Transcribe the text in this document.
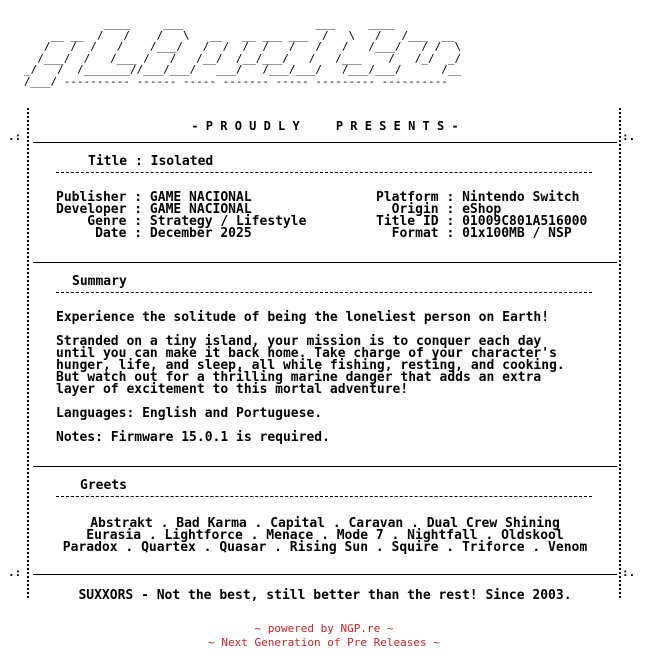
____     ___                    ___     ____
__ __  /   /    /   \   __   __ ___ ___  /   \   /   /___  __
/   /  /   /    /___/   /  /  /  /   /   /   /   /___/   / /  \
/___/  /   /___ /   /   /__/  /__/___/   /   /___    /   /_/  _/
_/   /  /_______//___/___/   ___/   /___/___/   /___/___/      /__
/___/ ---------- ------ ----- ------- ----- --------- ----------

.:	:.
.:	:.
- P R O U D L Y     P R E S E N T S -
Title : Isolated
Publisher : GAME NACIONAL
Developer : GAME NACIONAL
Genre : Strategy / Lifestyle
Date : December 2025
Platform : Nintendo Switch
Origin : eShop
Title ID : 01009C801A516000
Format : 01x100MB / NSP
Summary
Experience the solitude of being the loneliest person on Earth!
Stranded on a tiny island, your mission is to conquer each day
until you can make it back home. Take charge of your character's
hunger, life, and sleep, all while fishing, resting, and cooking.
But watch out for a thrilling marine danger that adds an extra
layer of excitement to this mortal adventure!
Languages: English and Portuguese.
Notes: Firmware 15.0.1 is required.
Greets
Abstrakt . Bad Karma . Capital . Caravan . Dual Crew Shining
Eurasia . Lightforce . Menace . Mode 7 . Nightfall . Oldskool
Paradox . Quartex . Quasar . Rising Sun . Squire . Triforce . Venom
SUXXORS - Not the best, still better than the rest! Since 2003.
~ powered by NGP.re ~
~ Next Generation of Pre Releases ~
